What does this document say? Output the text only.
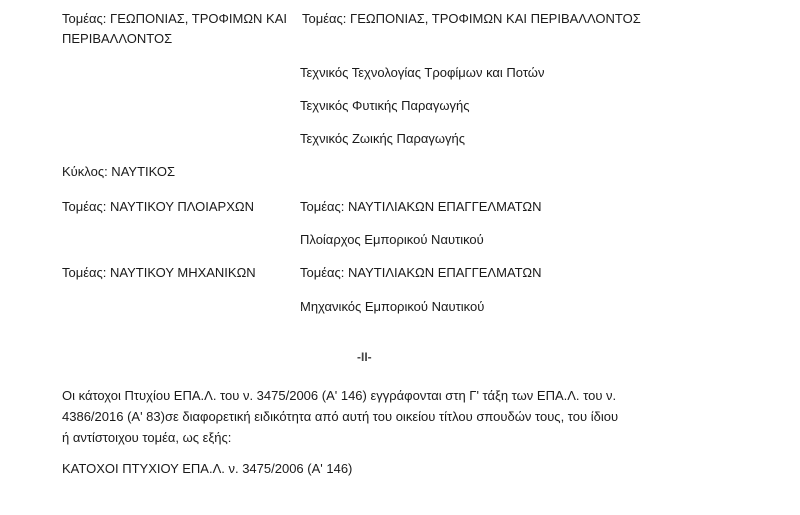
Τομέας: ΓΕΩΠΟΝΙΑΣ, ΤΡΟΦΙΜΩΝ ΚΑΙ
ΠΕΡΙΒΑΛΛΟΝΤΟΣ
Τομέας: ΓΕΩΠΟΝΙΑΣ, ΤΡΟΦΙΜΩΝ ΚΑΙ ΠΕΡΙΒΑΛΛΟΝΤΟΣ
Τεχνικός Τεχνολογίας Τροφίμων και Ποτών
Τεχνικός Φυτικής Παραγωγής
Τεχνικός Ζωικής Παραγωγής
Κύκλος: ΝΑΥΤΙΚΟΣ
Τομέας: ΝΑΥΤΙΚΟΥ ΠΛΟΙΑΡΧΩΝ	Τομέας: ΝΑΥΤΙΛΙΑΚΩΝ ΕΠΑΓΓΕΛΜΑΤΩΝ
Πλοίαρχος Εμπορικού Ναυτικού
Τομέας: ΝΑΥΤΙΚΟΥ ΜΗΧΑΝΙΚΩΝ	Τομέας: ΝΑΥΤΙΛΙΑΚΩΝ ΕΠΑΓΓΕΛΜΑΤΩΝ
Μηχανικός Εμπορικού Ναυτικού
-ΙΙ-
Οι κάτοχοι Πτυχίου ΕΠΑ.Λ. του ν. 3475/2006 (Α' 146) εγγράφονται στη Γ' τάξη των ΕΠΑ.Λ. του ν.
4386/2016 (Α' 83)σε διαφορετική ειδικότητα από αυτή του οικείου τίτλου σπουδών τους, του ίδιου
ή αντίστοιχου τομέα, ως εξής:
ΚΑΤΟΧΟΙ ΠΤΥΧΙΟΥ ΕΠΑ.Λ. ν. 3475/2006 (Α' 146)
